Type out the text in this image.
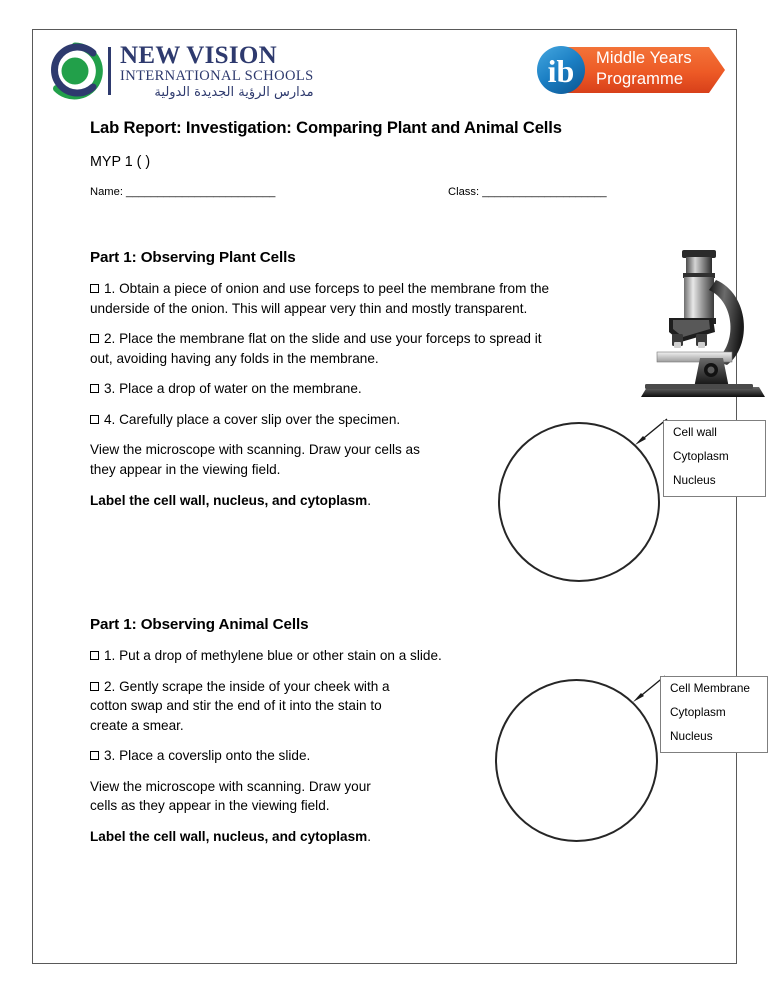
NEW VISION
INTERNATIONAL SCHOOLS
مدارس الرؤية الجديدة الدولية
ib Middle Years
Programme
Lab Report: Investigation: Comparing Plant and Animal Cells

MYP 1 ( )

Name: ________________________	Class: ____________________
Part 1: Observing Plant Cells

1. Obtain a piece of onion and use forceps to peel the membrane from the underside of the onion. This will appear very thin and mostly transparent.

2. Place the membrane flat on the slide and use your forceps to spread it out, avoiding having any folds in the membrane.

3. Place a drop of water on the membrane.

4. Carefully place a cover slip over the specimen.

View the microscope with scanning. Draw your cells as they appear in the viewing field.

Label the cell wall, nucleus, and cytoplasm.

Part 1: Observing Animal Cells

1. Put a drop of methylene blue or other stain on a slide.

2. Gently scrape the inside of your cheek with a cotton swap and stir the end of it into the stain to create a smear.

3. Place a coverslip onto the slide.

View the microscope with scanning. Draw your cells as they appear in the viewing field.

Label the cell wall, nucleus, and cytoplasm.

Cell wall
Cytoplasm
Nucleus
Cell Membrane
Cytoplasm
Nucleus
